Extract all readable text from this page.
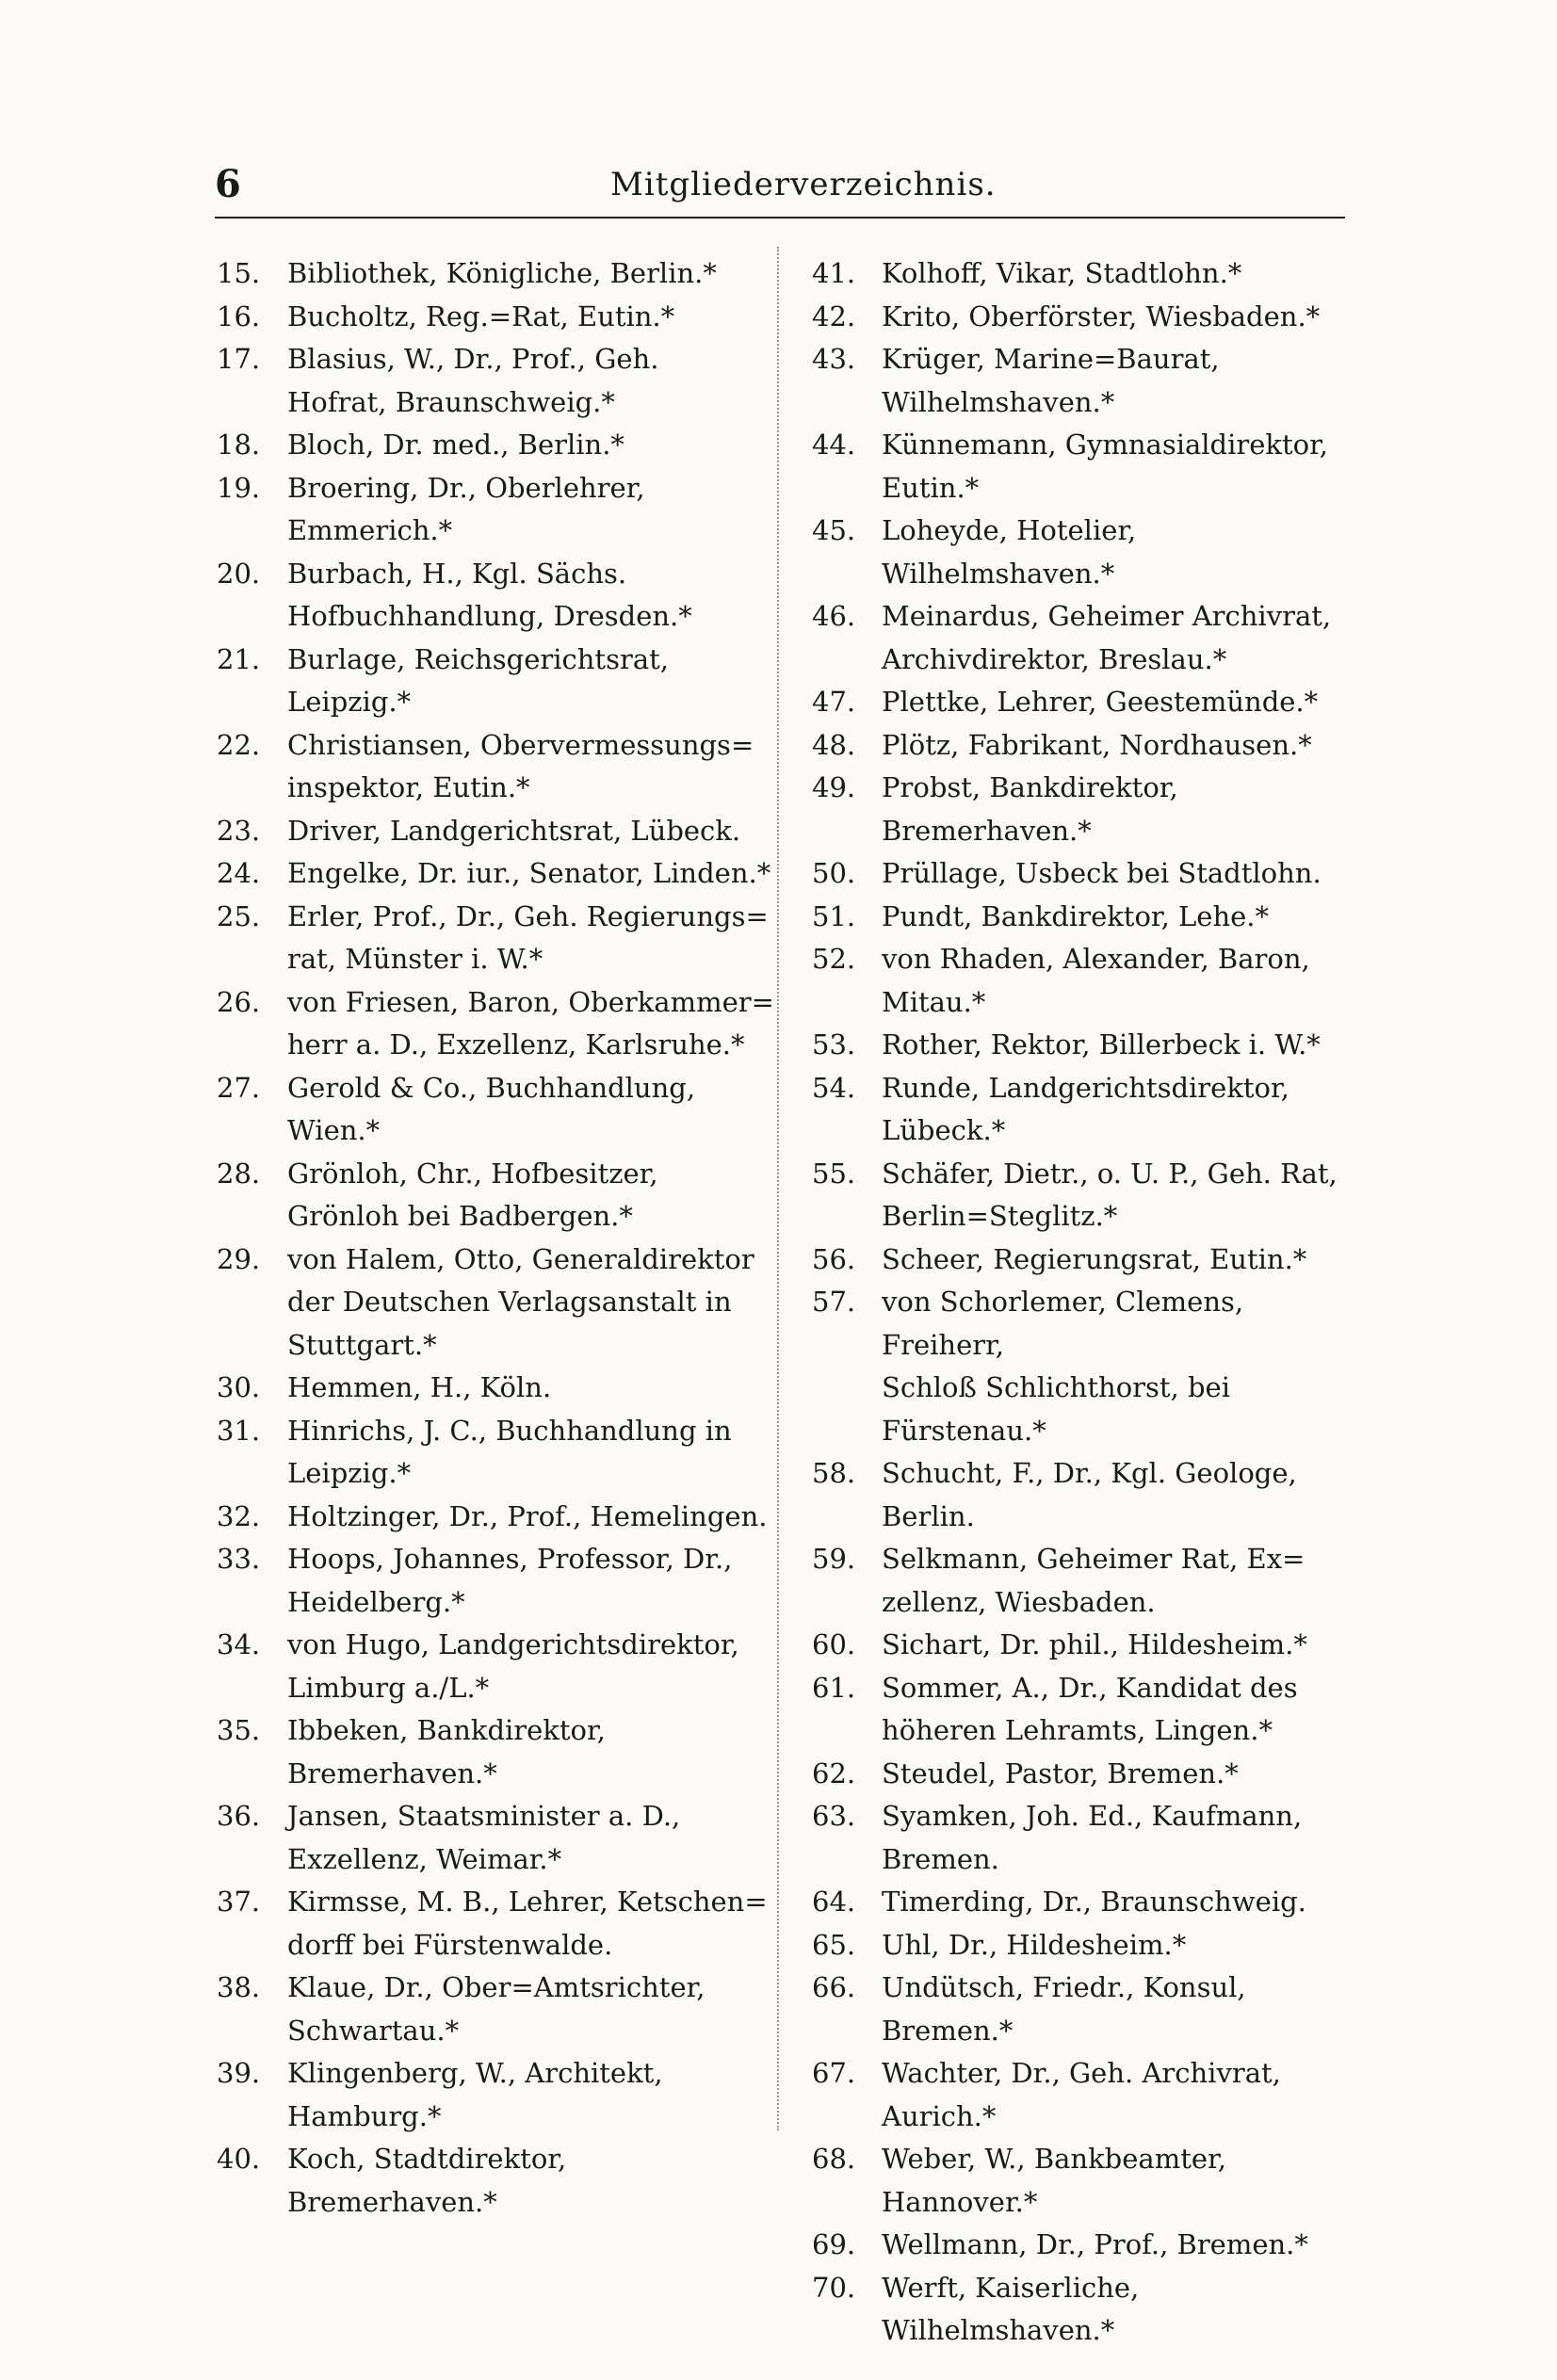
6	Mitgliederverzeichnis.
15. Bibliothek, Königliche, Berlin.*
16. Bucholtz, Reg.=Rat, Eutin.*
17. Blasius, W., Dr., Prof., Geh.
Hofrat, Braunschweig.*
18. Bloch, Dr. med., Berlin.*
19. Broering, Dr., Oberlehrer,
Emmerich.*
20. Burbach, H., Kgl. Sächs.
Hofbuchhandlung, Dresden.*
21. Burlage, Reichsgerichtsrat, Leipzig.*
22. Christiansen, Obervermessungs=
inspektor, Eutin.*
23. Driver, Landgerichtsrat, Lübeck.
24. Engelke, Dr. iur., Senator, Linden.*
25. Erler, Prof., Dr., Geh. Regierungs=
rat, Münster i. W.*
26. von Friesen, Baron, Oberkammer=
herr a. D., Exzellenz, Karlsruhe.*
27. Gerold & Co., Buchhandlung, Wien.*
28. Grönloh, Chr., Hofbesitzer,
Grönloh bei Badbergen.*
29. von Halem, Otto, Generaldirektor
der Deutschen Verlagsanstalt in
Stuttgart.*
30. Hemmen, H., Köln.
31. Hinrichs, J. C., Buchhandlung in
Leipzig.*
32. Holtzinger, Dr., Prof., Hemelingen.
33. Hoops, Johannes, Professor, Dr.,
Heidelberg.*
34. von Hugo, Landgerichtsdirektor,
Limburg a./L.*
35. Ibbeken, Bankdirektor,
Bremerhaven.*
36. Jansen, Staatsminister a. D.,
Exzellenz, Weimar.*
37. Kirmsse, M. B., Lehrer, Ketschen=
dorff bei Fürstenwalde.
38. Klaue, Dr., Ober=Amtsrichter,
Schwartau.*
39. Klingenberg, W., Architekt,
Hamburg.*
40. Koch, Stadtdirektor, Bremerhaven.*
41. Kolhoff, Vikar, Stadtlohn.*
42. Krito, Oberförster, Wiesbaden.*
43. Krüger, Marine=Baurat,
Wilhelmshaven.*
44. Künnemann, Gymnasialdirektor,
Eutin.*
45. Loheyde, Hotelier, Wilhelmshaven.*
46. Meinardus, Geheimer Archivrat,
Archivdirektor, Breslau.*
47. Plettke, Lehrer, Geestemünde.*
48. Plötz, Fabrikant, Nordhausen.*
49. Probst, Bankdirektor, Bremerhaven.*
50. Prüllage, Usbeck bei Stadtlohn.
51. Pundt, Bankdirektor, Lehe.*
52. von Rhaden, Alexander, Baron,
Mitau.*
53. Rother, Rektor, Billerbeck i. W.*
54. Runde, Landgerichtsdirektor,
Lübeck.*
55. Schäfer, Dietr., o. U. P., Geh. Rat,
Berlin=Steglitz.*
56. Scheer, Regierungsrat, Eutin.*
57. von Schorlemer, Clemens, Freiherr,
Schloß Schlichthorst, bei
Fürstenau.*
58. Schucht, F., Dr., Kgl. Geologe, Berlin.
59. Selkmann, Geheimer Rat, Ex=
zellenz, Wiesbaden.
60. Sichart, Dr. phil., Hildesheim.*
61. Sommer, A., Dr., Kandidat des
höheren Lehramts, Lingen.*
62. Steudel, Pastor, Bremen.*
63. Syamken, Joh. Ed., Kaufmann,
Bremen.
64. Timerding, Dr., Braunschweig.
65. Uhl, Dr., Hildesheim.*
66. Undütsch, Friedr., Konsul, Bremen.*
67. Wachter, Dr., Geh. Archivrat,
Aurich.*
68. Weber, W., Bankbeamter,
Hannover.*
69. Wellmann, Dr., Prof., Bremen.*
70. Werft, Kaiserliche, Wilhelmshaven.*
